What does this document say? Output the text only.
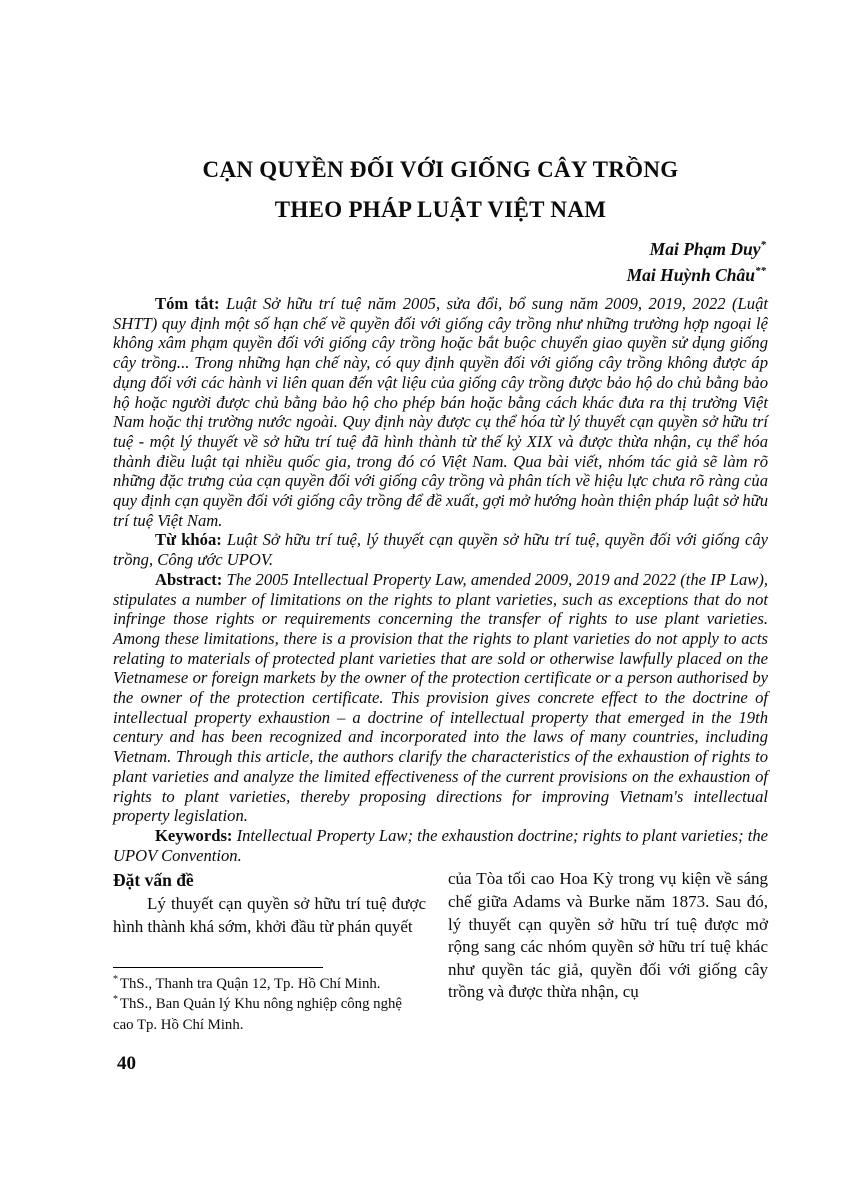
CẠN QUYỀN ĐỐI VỚI GIỐNG CÂY TRỒNG
THEO PHÁP LUẬT VIỆT NAM
Mai Phạm Duy*
Mai Huỳnh Châu**

Tóm tắt: Luật Sở hữu trí tuệ năm 2005, sửa đổi, bổ sung năm 2009, 2019, 2022 (Luật SHTT) quy định một số hạn chế về quyền đối với giống cây trồng như những trường hợp ngoại lệ không xâm phạm quyền đối với giống cây trồng hoặc bắt buộc chuyển giao quyền sử dụng giống cây trồng... Trong những hạn chế này, có quy định quyền đối với giống cây trồng không được áp dụng đối với các hành vi liên quan đến vật liệu của giống cây trồng được bảo hộ do chủ bằng bảo hộ hoặc người được chủ bằng bảo hộ cho phép bán hoặc bằng cách khác đưa ra thị trường Việt Nam hoặc thị trường nước ngoài. Quy định này được cụ thể hóa từ lý thuyết cạn quyền sở hữu trí tuệ - một lý thuyết về sở hữu trí tuệ đã hình thành từ thế kỷ XIX và được thừa nhận, cụ thể hóa thành điều luật tại nhiều quốc gia, trong đó có Việt Nam. Qua bài viết, nhóm tác giả sẽ làm rõ những đặc trưng của cạn quyền đối với giống cây trồng và phân tích về hiệu lực chưa rõ ràng của quy định cạn quyền đối với giống cây trồng để đề xuất, gợi mở hướng hoàn thiện pháp luật sở hữu trí tuệ Việt Nam.

Từ khóa: Luật Sở hữu trí tuệ, lý thuyết cạn quyền sở hữu trí tuệ, quyền đối với giống cây trồng, Công ước UPOV.

Abstract: The 2005 Intellectual Property Law, amended 2009, 2019 and 2022 (the IP Law), stipulates a number of limitations on the rights to plant varieties, such as exceptions that do not infringe those rights or requirements concerning the transfer of rights to use plant varieties. Among these limitations, there is a provision that the rights to plant varieties do not apply to acts relating to materials of protected plant varieties that are sold or otherwise lawfully placed on the Vietnamese or foreign markets by the owner of the protection certificate or a person authorised by the owner of the protection certificate. This provision gives concrete effect to the doctrine of intellectual property exhaustion – a doctrine of intellectual property that emerged in the 19th century and has been recognized and incorporated into the laws of many countries, including Vietnam. Through this article, the authors clarify the characteristics of the exhaustion of rights to plant varieties and analyze the limited effectiveness of the current provisions on the exhaustion of rights to plant varieties, thereby proposing directions for improving Vietnam's intellectual property legislation.

Keywords: Intellectual Property Law; the exhaustion doctrine; rights to plant varieties; the UPOV Convention.

Đặt vấn đề

Lý thuyết cạn quyền sở hữu trí tuệ được hình thành khá sớm, khởi đầu từ phán quyết

* ThS., Thanh tra Quận 12, Tp. Hồ Chí Minh.

* ThS., Ban Quản lý Khu nông nghiệp công nghệ cao Tp. Hồ Chí Minh.

của Tòa tối cao Hoa Kỳ trong vụ kiện về sáng chế giữa Adams và Burke năm 1873. Sau đó, lý thuyết cạn quyền sở hữu trí tuệ được mở rộng sang các nhóm quyền sở hữu trí tuệ khác như quyền tác giả, quyền đối với giống cây trồng và được thừa nhận, cụ

40
